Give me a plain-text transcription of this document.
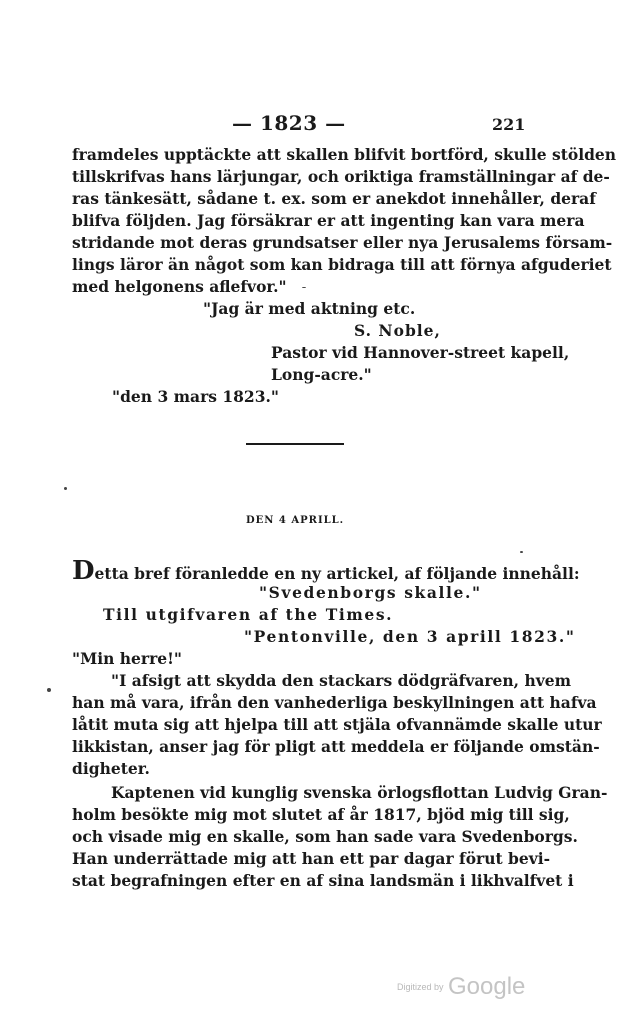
— 1823 —	221
framdeles upptäckte att skallen blifvit bortförd, skulle stölden
tillskrifvas hans lärjungar, och oriktiga framställningar af de-
ras tänkesätt, sådane t. ex. som er anekdot innehåller, deraf
blifva följden. Jag försäkrar er att ingenting kan vara mera
stridande mot deras grundsatser eller nya Jerusalems försam-
lings läror än något som kan bidraga till att förnya afguderiet
med helgonens aflefvor."
"Jag är med aktning etc.
S. Noble,
Pastor vid Hannover-street kapell,
Long-acre."
"den 3 mars 1823."
DEN 4 APRILL.
Detta bref föranledde en ny artickel, af följande innehåll:
"Svedenborgs skalle."
Till utgifvaren af the Times.
"Pentonville, den 3 aprill 1823."
"Min herre!"
"I afsigt att skydda den stackars dödgräfvaren, hvem
han må vara, ifrån den vanhederliga beskyllningen att hafva
låtit muta sig att hjelpa till att stjäla ofvannämde skalle utur
likkistan, anser jag för pligt att meddela er följande omstän-
digheter.
Kaptenen vid kunglig svenska örlogsflottan Ludvig Gran-
holm besökte mig mot slutet af år 1817, bjöd mig till sig,
och visade mig en skalle, som han sade vara Svedenborgs.
Han underrättade mig att han ett par dagar förut bevi-
stat begrafningen efter en af sina landsmän i likhvalfvet i
Digitized by Google
